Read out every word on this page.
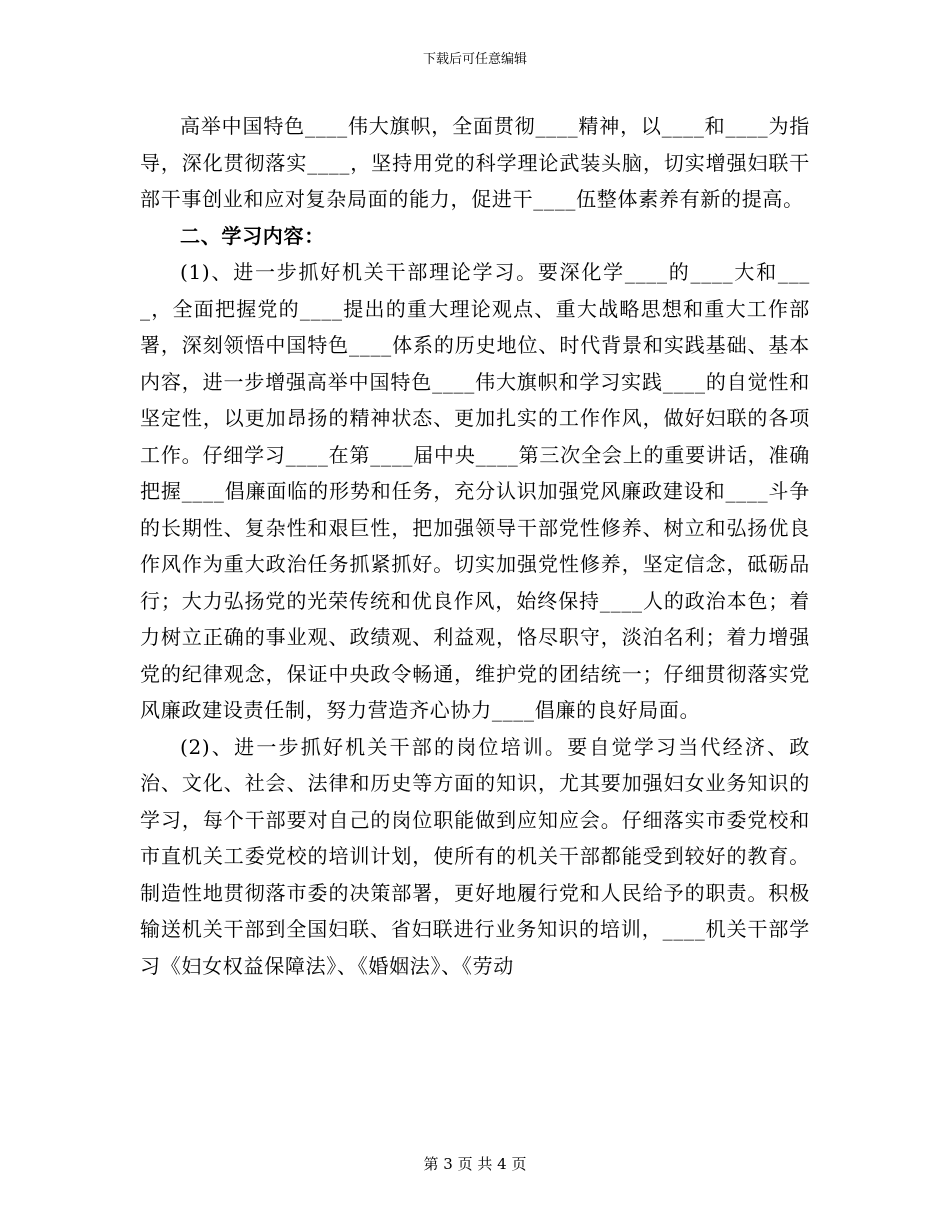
下载后可任意编辑

高举中国特色____伟大旗帜，全面贯彻____精神，以____和____为指导，深化贯彻落实____，坚持用党的科学理论武装头脑，切实增强妇联干部干事创业和应对复杂局面的能力，促进干____伍整体素养有新的提高。

二、学习内容：

(1)、进一步抓好机关干部理论学习。要深化学____的____大和____，全面把握党的____提出的重大理论观点、重大战略思想和重大工作部署，深刻领悟中国特色____体系的历史地位、时代背景和实践基础、基本内容，进一步增强高举中国特色____伟大旗帜和学习实践____的自觉性和坚定性，以更加昂扬的精神状态、更加扎实的工作作风，做好妇联的各项工作。仔细学习____在第____届中央____第三次全会上的重要讲话，准确把握____倡廉面临的形势和任务，充分认识加强党风廉政建设和____斗争的长期性、复杂性和艰巨性，把加强领导干部党性修养、树立和弘扬优良作风作为重大政治任务抓紧抓好。切实加强党性修养，坚定信念，砥砺品行；大力弘扬党的光荣传统和优良作风，始终保持____人的政治本色；着力树立正确的事业观、政绩观、利益观，恪尽职守，淡泊名利；着力增强党的纪律观念，保证中央政令畅通，维护党的团结统一；仔细贯彻落实党风廉政建设责任制，努力营造齐心协力____倡廉的良好局面。

(2)、进一步抓好机关干部的岗位培训。要自觉学习当代经济、政治、文化、社会、法律和历史等方面的知识，尤其要加强妇女业务知识的学习，每个干部要对自己的岗位职能做到应知应会。仔细落实市委党校和市直机关工委党校的培训计划，使所有的机关干部都能受到较好的教育。制造性地贯彻落市委的决策部署，更好地履行党和人民给予的职责。积极输送机关干部到全国妇联、省妇联进行业务知识的培训，____机关干部学习《妇女权益保障法》、《婚姻法》、《劳动

第 3 页 共 4 页
